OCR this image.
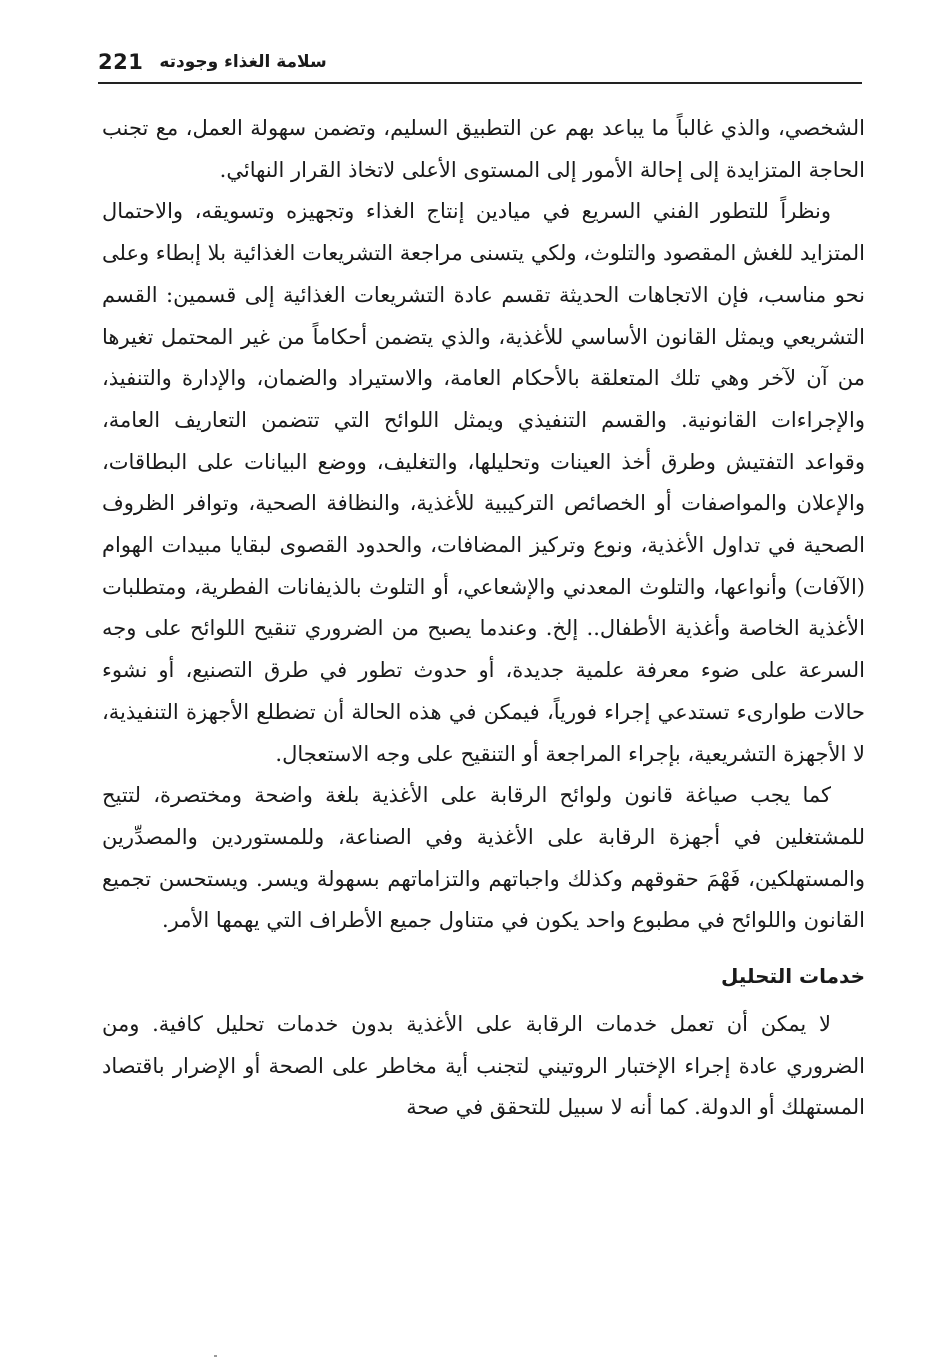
221 سلامة الغذاء وجودته

الشخصي، والذي غالباً ما يباعد بهم عن التطبيق السليم، وتضمن سهولة العمل، مع تجنب الحاجة المتزايدة إلى إحالة الأمور إلى المستوى الأعلى لاتخاذ القرار النهائي.

ونظراً للتطور الفني السريع في ميادين إنتاج الغذاء وتجهيزه وتسويقه، والاحتمال المتزايد للغش المقصود والتلوث، ولكي يتسنى مراجعة التشريعات الغذائية بلا إبطاء وعلى نحو مناسب، فإن الاتجاهات الحديثة تقسم عادة التشريعات الغذائية إلى قسمين: القسم التشريعي ويمثل القانون الأساسي للأغذية، والذي يتضمن أحكاماً من غير المحتمل تغيرها من آن لآخر وهي تلك المتعلقة بالأحكام العامة، والاستيراد والضمان، والإدارة والتنفيذ، والإجراءات القانونية. والقسم التنفيذي ويمثل اللوائح التي تتضمن التعاريف العامة، وقواعد التفتيش وطرق أخذ العينات وتحليلها، والتغليف، ووضع البيانات على البطاقات، والإعلان والمواصفات أو الخصائص التركيبية للأغذية، والنظافة الصحية، وتوافر الظروف الصحية في تداول الأغذية، ونوع وتركيز المضافات، والحدود القصوى لبقايا مبيدات الهوام (الآفات) وأنواعها، والتلوث المعدني والإشعاعي، أو التلوث بالذيفانات الفطرية، ومتطلبات الأغذية الخاصة وأغذية الأطفال.. إلخ. وعندما يصبح من الضروري تنقيح اللوائح على وجه السرعة على ضوء معرفة علمية جديدة، أو حدوث تطور في طرق التصنيع، أو نشوء حالات طوارىء تستدعي إجراء فورياً، فيمكن في هذه الحالة أن تضطلع الأجهزة التنفيذية، لا الأجهزة التشريعية، بإجراء المراجعة أو التنقيح على وجه الاستعجال.

كما يجب صياغة قانون ولوائح الرقابة على الأغذية بلغة واضحة ومختصرة، لتتيح للمشتغلين في أجهزة الرقابة على الأغذية وفي الصناعة، وللمستوردين والمصدِّرين والمستهلكين، فَهْمَ حقوقهم وكذلك واجباتهم والتزاماتهم بسهولة ويسر. ويستحسن تجميع القانون واللوائح في مطبوع واحد يكون في متناول جميع الأطراف التي يهمها الأمر.

خدمات التحليل

لا يمكن أن تعمل خدمات الرقابة على الأغذية بدون خدمات تحليل كافية. ومن الضروري عادة إجراء الإختبار الروتيني لتجنب أية مخاطر على الصحة أو الإضرار باقتصاد المستهلك أو الدولة. كما أنه لا سبيل للتحقق في صحة
